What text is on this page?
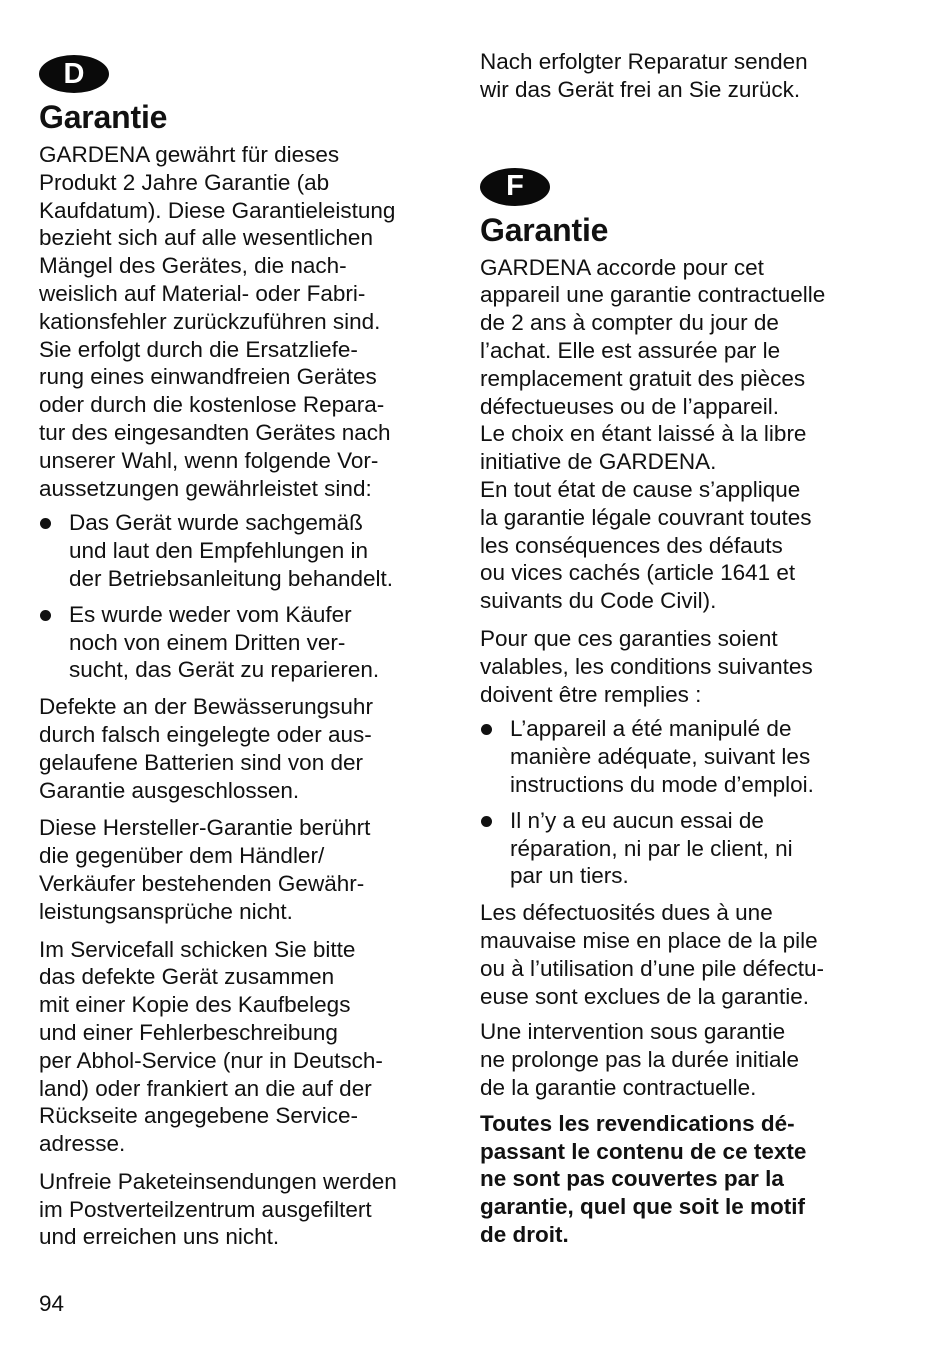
D
Garantie

GARDENA gewährt für dieses
Produkt 2 Jahre Garantie (ab
Kaufdatum). Diese Garantieleistung
bezieht sich auf alle wesentlichen
Mängel des Gerätes, die nach-
weislich auf Material- oder Fabri-
kationsfehler zurückzuführen sind.
Sie erfolgt durch die Ersatzliefe-
rung eines einwandfreien Gerätes
oder durch die kostenlose Repara-
tur des eingesandten Gerätes nach
unserer Wahl, wenn folgende Vor-
aussetzungen gewährleistet sind:

Das Gerät wurde sachgemäß
und laut den Empfehlungen in
der Betriebsanleitung behandelt.
Es wurde weder vom Käufer
noch von einem Dritten ver-
sucht, das Gerät zu reparieren.

Defekte an der Bewässerungsuhr
durch falsch eingelegte oder aus-
gelaufene Batterien sind von der
Garantie ausgeschlossen.

Diese Hersteller-Garantie berührt
die gegenüber dem Händler/
Verkäufer bestehenden Gewähr-
leistungsansprüche nicht.

Im Servicefall schicken Sie bitte
das defekte Gerät zusammen
mit einer Kopie des Kaufbelegs
und einer Fehlerbeschreibung
per Abhol-Service (nur in Deutsch-
land) oder frankiert an die auf der
Rückseite angegebene Service-
adresse.

Unfreie Paketeinsendungen werden
im Postverteilzentrum ausgefiltert
und erreichen uns nicht.

Nach erfolgter Reparatur senden
wir das Gerät frei an Sie zurück.

F
Garantie

GARDENA accorde pour cet
appareil une garantie contractuelle
de 2 ans à compter du jour de
l’achat. Elle est assurée par le
remplacement gratuit des pièces
défectueuses ou de l’appareil.
Le choix en étant laissé à la libre
initiative de GARDENA.
En tout état de cause s’applique
la garantie légale couvrant toutes
les conséquences des défauts
ou vices cachés (article 1641 et
suivants du Code Civil).

Pour que ces garanties soient
valables, les conditions suivantes
doivent être remplies :

L’appareil a été manipulé de
manière adéquate, suivant les
instructions du mode d’emploi.
Il n’y a eu aucun essai de
réparation, ni par le client, ni
par un tiers.

Les défectuosités dues à une
mauvaise mise en place de la pile
ou à l’utilisation d’une pile défectu-
euse sont exclues de la garantie.

Une intervention sous garantie
ne prolonge pas la durée initiale
de la garantie contractuelle.

Toutes les revendications dé-
passant le contenu de ce texte
ne sont pas couvertes par la
garantie, quel que soit le motif
de droit.

94
